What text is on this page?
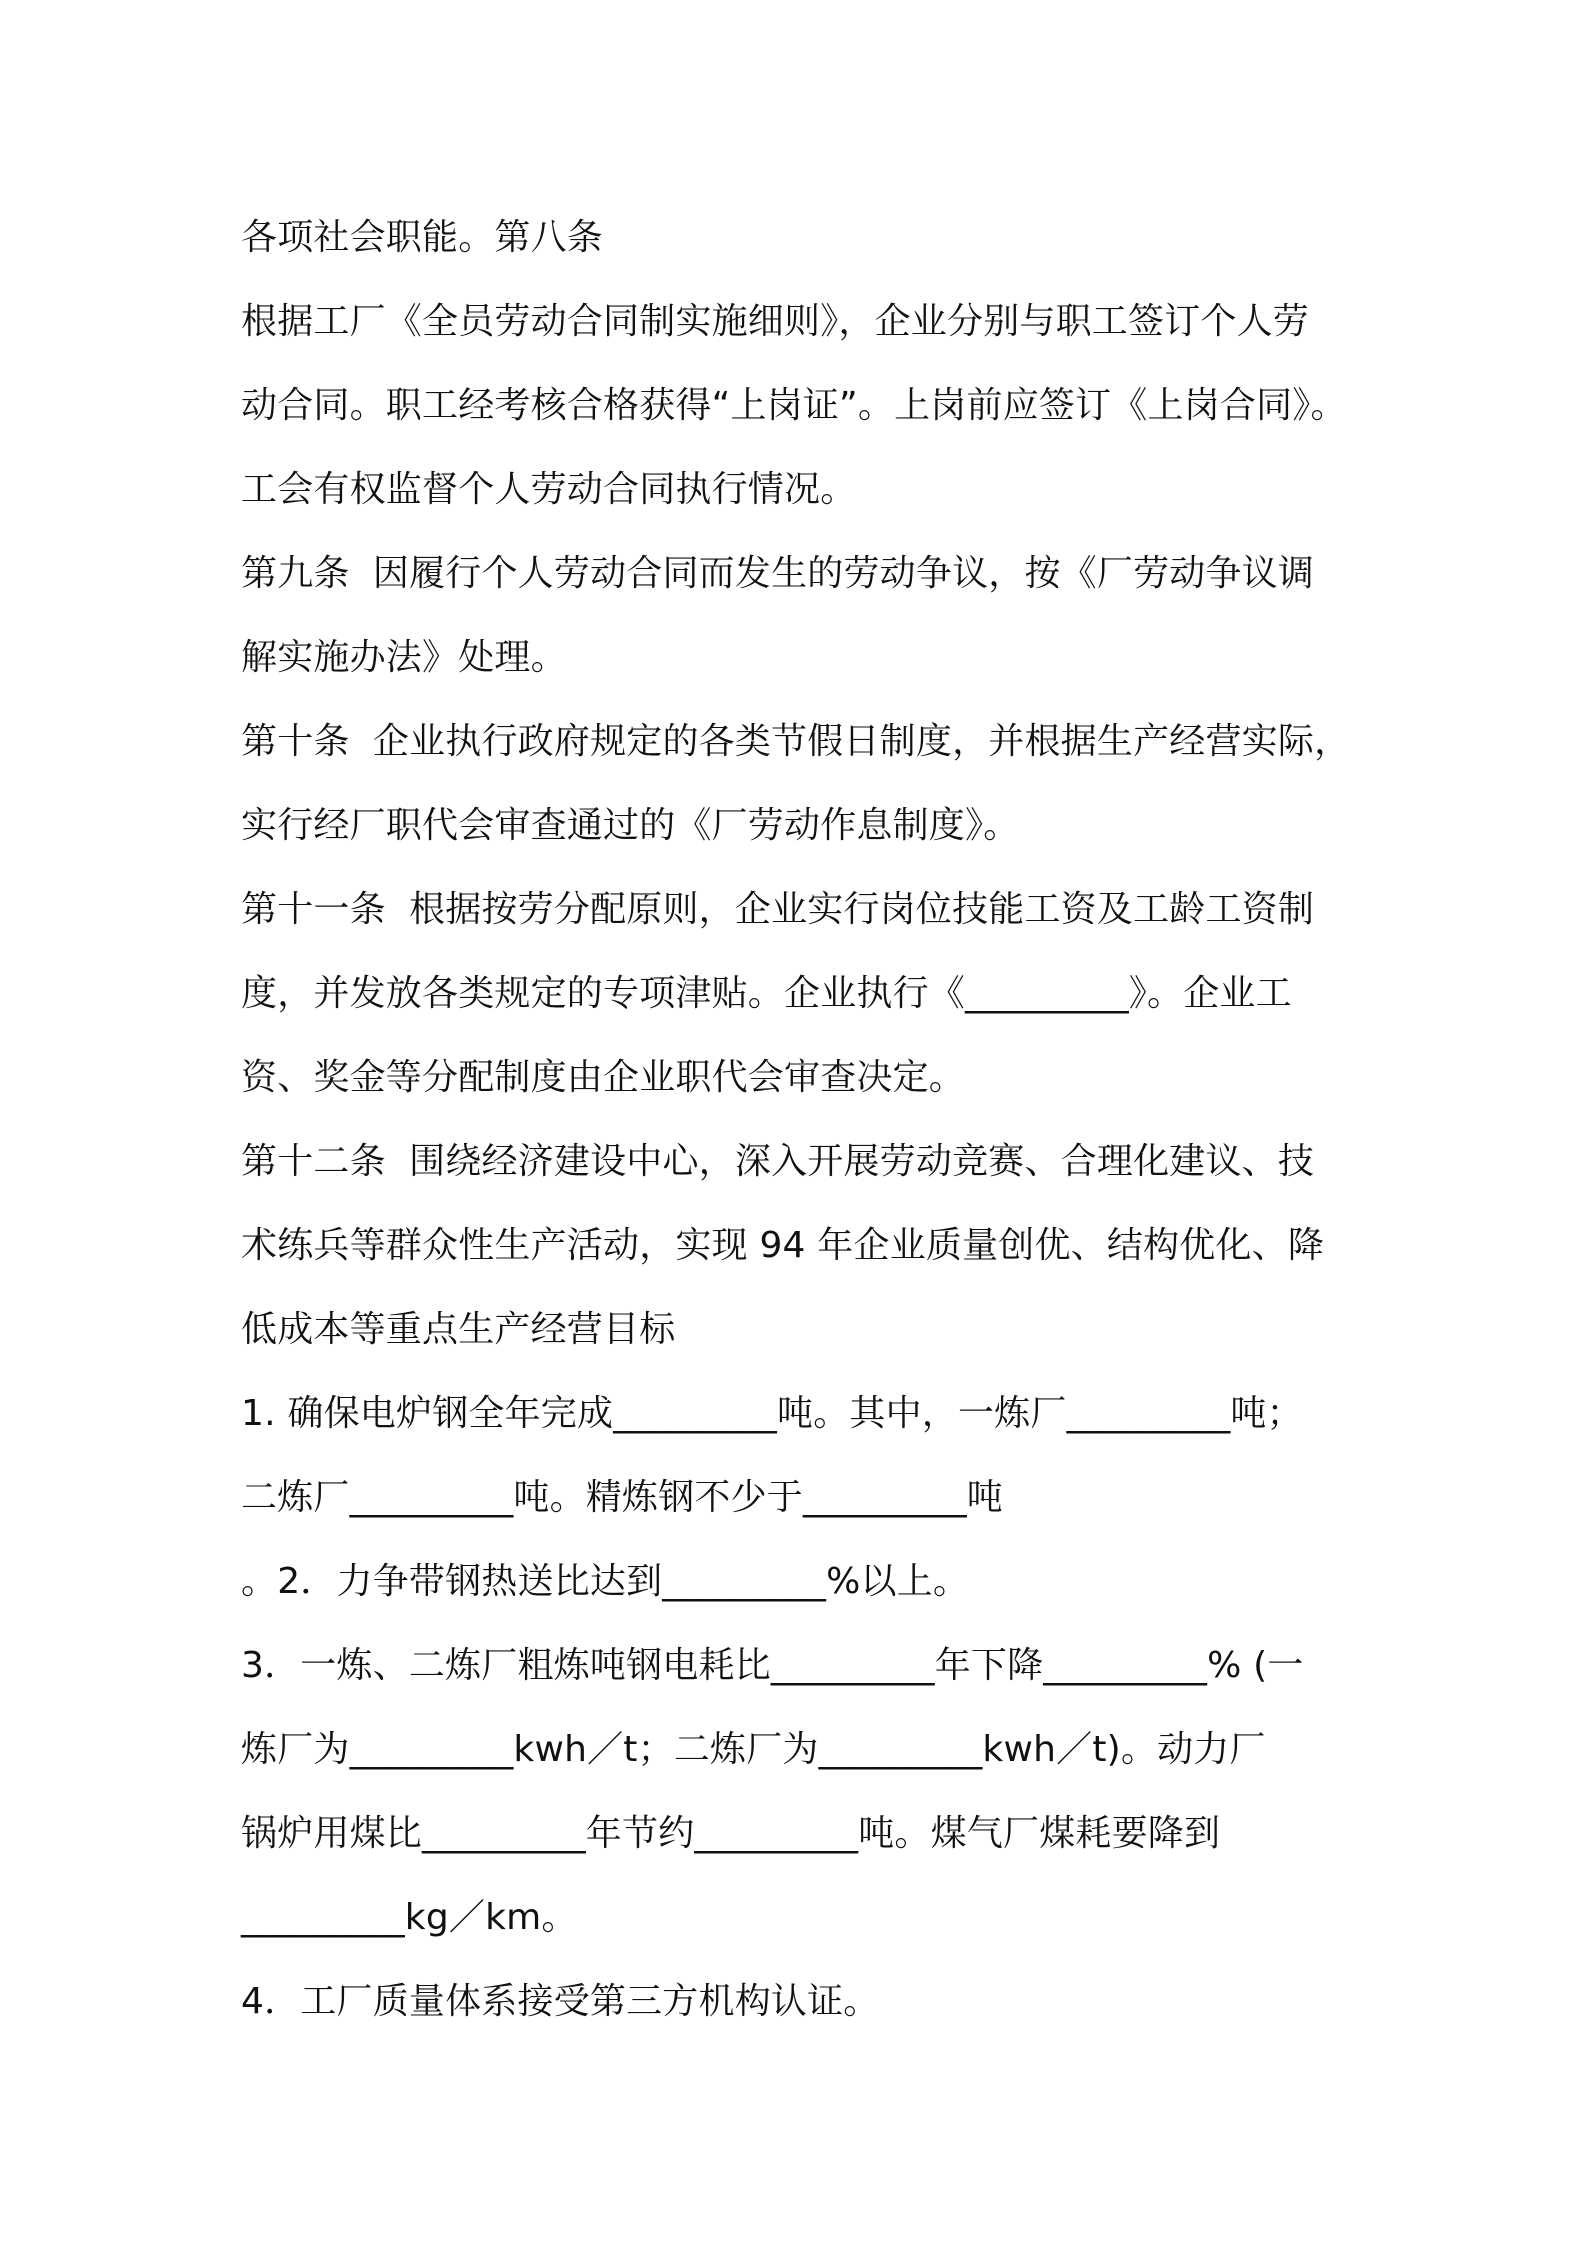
各项社会职能。第八条
根据工厂《全员劳动合同制实施细则》，企业分别与职工签订个人劳
动合同。职工经考核合格获得“上岗证”。上岗前应签订《上岗合同》。
工会有权监督个人劳动合同执行情况。
第九条  因履行个人劳动合同而发生的劳动争议，按《厂劳动争议调
解实施办法》处理。
第十条  企业执行政府规定的各类节假日制度，并根据生产经营实际，
实行经厂职代会审查通过的《厂劳动作息制度》。
第十一条  根据按劳分配原则，企业实行岗位技能工资及工龄工资制
度，并发放各类规定的专项津贴。企业执行《_________》。企业工
资、奖金等分配制度由企业职代会审查决定。
第十二条  围绕经济建设中心，深入开展劳动竞赛、合理化建议、技
术练兵等群众性生产活动，实现 94 年企业质量创优、结构优化、降
低成本等重点生产经营目标
1. 确保电炉钢全年完成_________吨。其中，一炼厂_________吨；
二炼厂_________吨。精炼钢不少于_________吨
。2．力争带钢热送比达到_________%以上。
3．一炼、二炼厂粗炼吨钢电耗比_________年下降_________% (一
炼厂为_________kwh／t；二炼厂为_________kwh／t)。动力厂
锅炉用煤比_________年节约_________吨。煤气厂煤耗要降到
_________kg／km。
4．工厂质量体系接受第三方机构认证。
